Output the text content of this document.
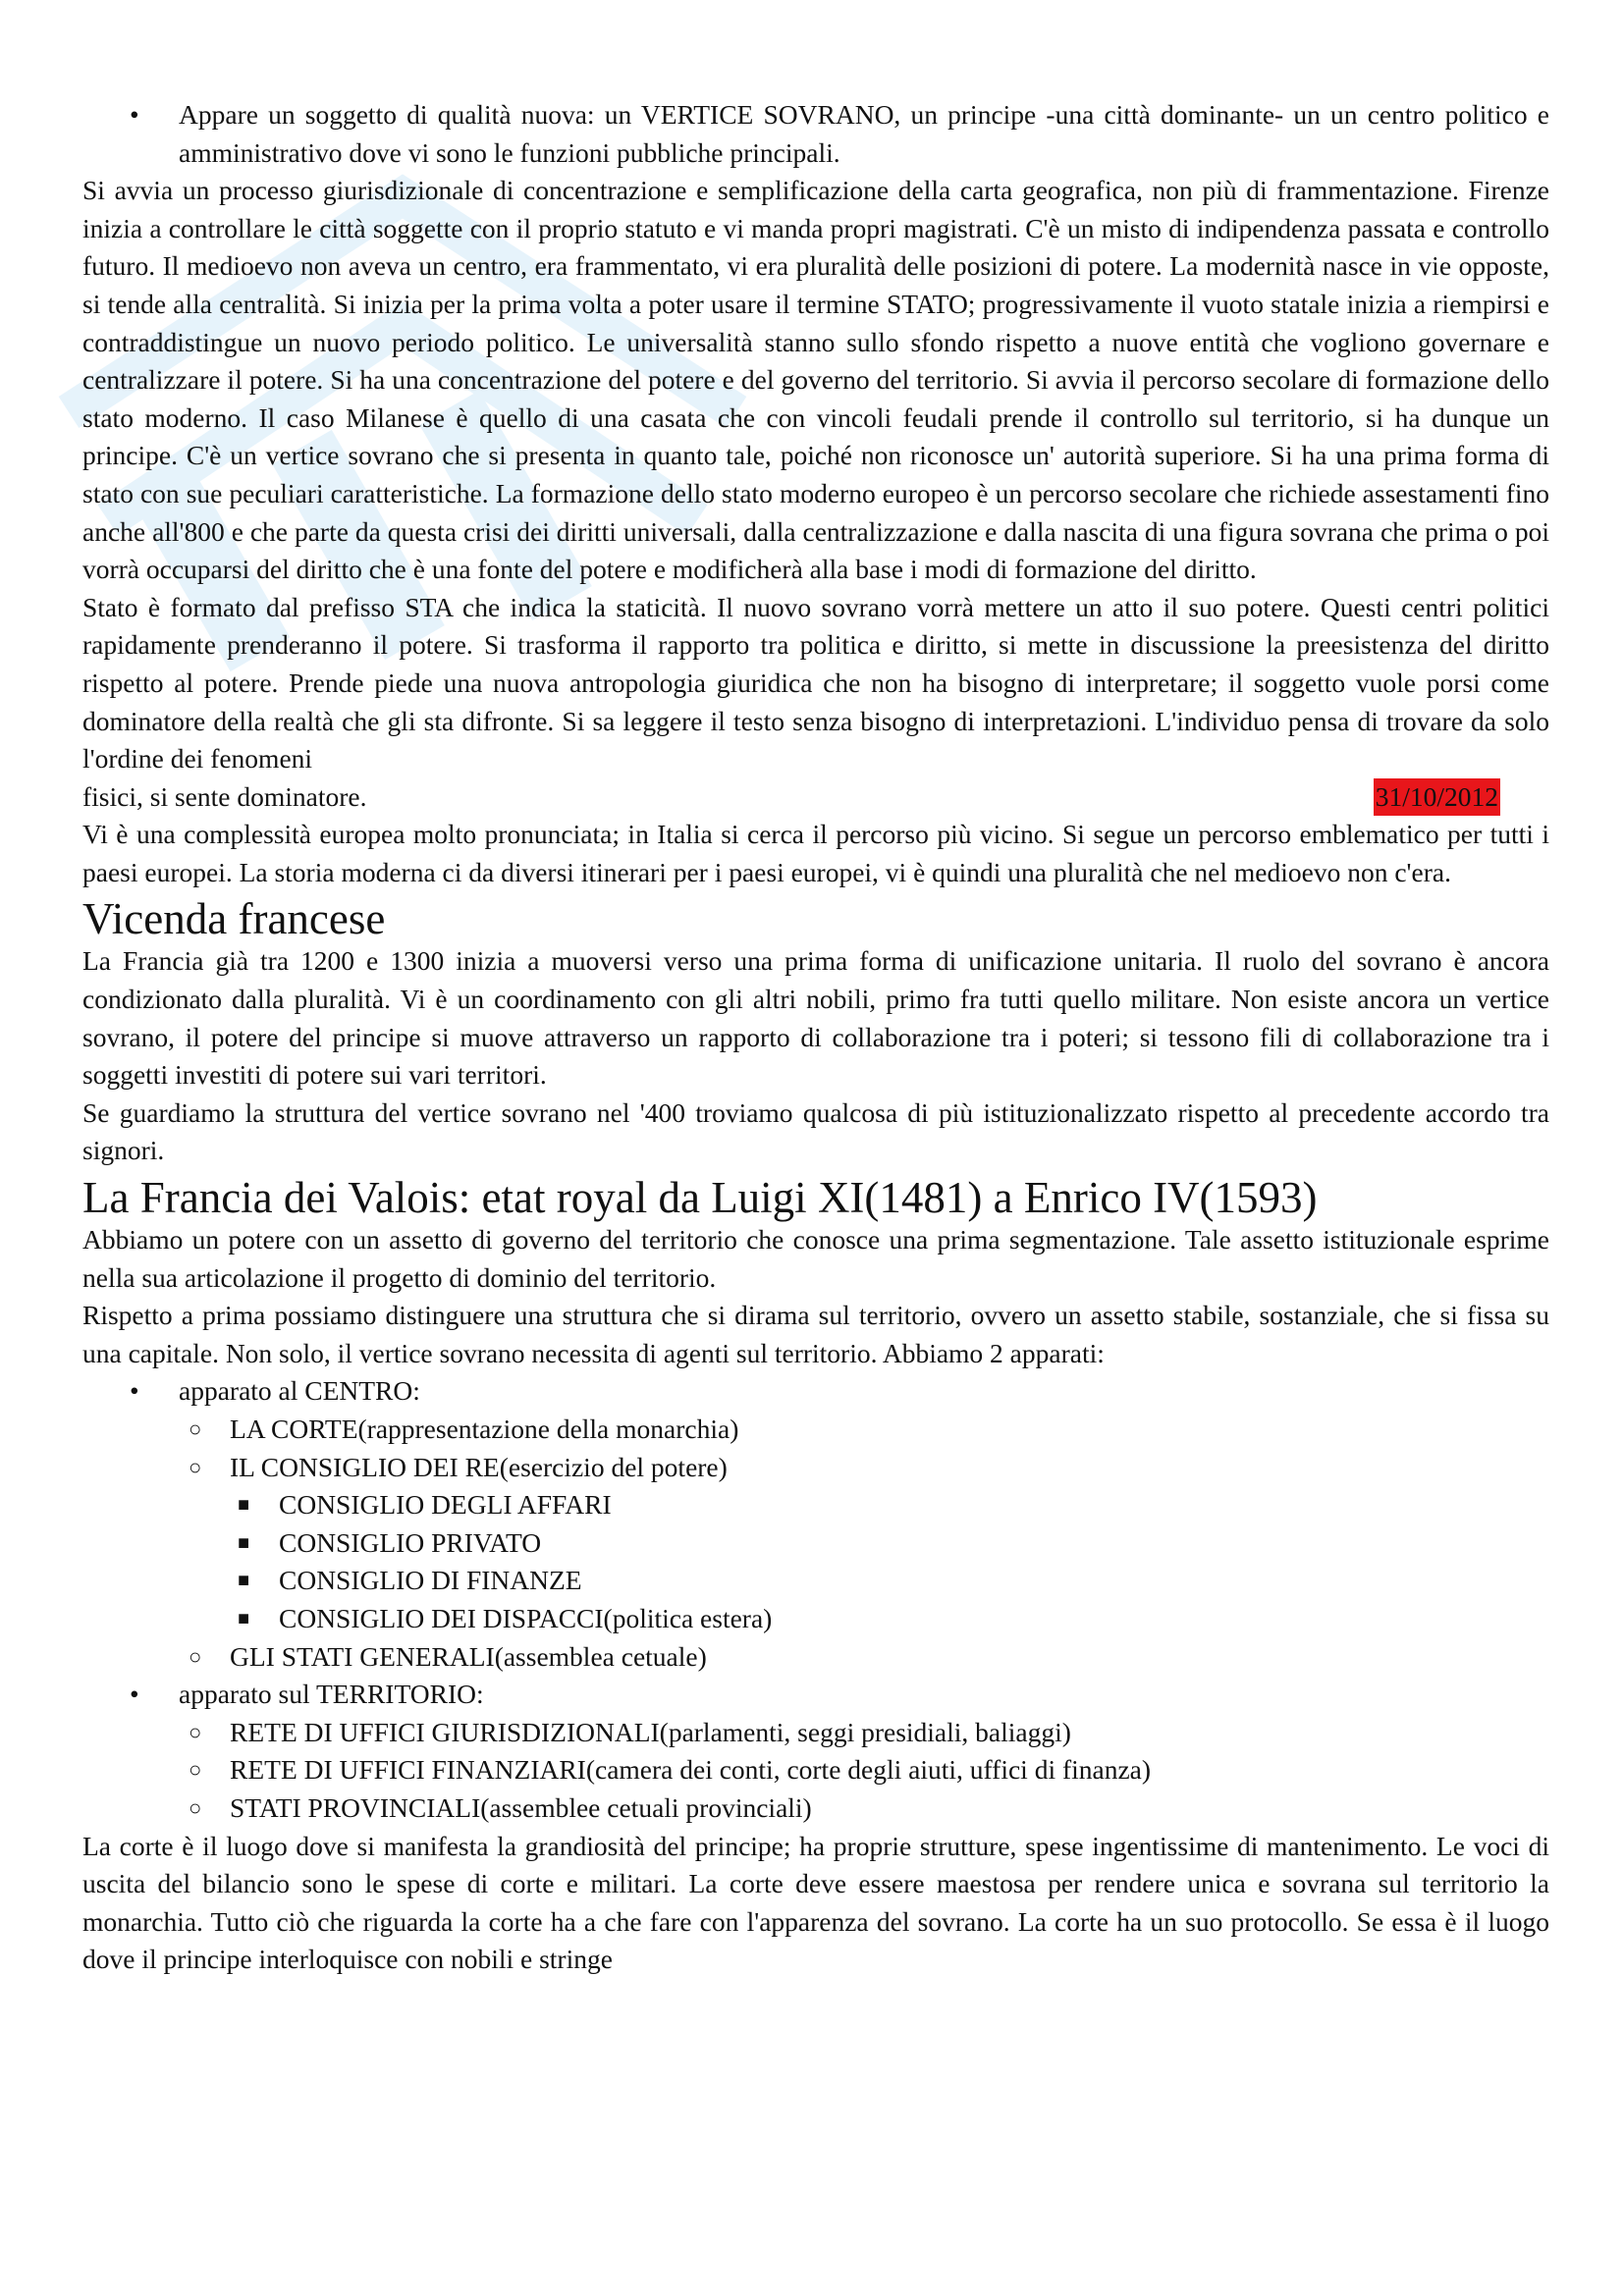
• Appare un soggetto di qualità nuova: un VERTICE SOVRANO, un principe -una città dominante- un un centro politico e amministrativo dove vi sono le funzioni pubbliche principali.

Si avvia un processo giurisdizionale di concentrazione e semplificazione della carta geografica, non più di frammentazione. Firenze inizia a controllare le città soggette con il proprio statuto e vi manda propri magistrati. C'è un misto di indipendenza passata e controllo futuro. Il medioevo non aveva un centro, era frammentato, vi era pluralità delle posizioni di potere. La modernità nasce in vie opposte, si tende alla centralità. Si inizia per la prima volta a poter usare il termine STATO; progressivamente il vuoto statale inizia a riempirsi e contraddistingue un nuovo periodo politico. Le universalità stanno sullo sfondo rispetto a nuove entità che vogliono governare e centralizzare il potere. Si ha una concentrazione del potere e del governo del territorio. Si avvia il percorso secolare di formazione dello stato moderno. Il caso Milanese è quello di una casata che con vincoli feudali prende il controllo sul territorio, si ha dunque un principe. C'è un vertice sovrano che si presenta in quanto tale, poiché non riconosce un' autorità superiore. Si ha una prima forma di stato con sue peculiari caratteristiche. La formazione dello stato moderno europeo è un percorso secolare che richiede assestamenti fino anche all'800 e che parte da questa crisi dei diritti universali, dalla centralizzazione e dalla nascita di una figura sovrana che prima o poi vorrà occuparsi del diritto che è una fonte del potere e modificherà alla base i modi di formazione del diritto.

Stato è formato dal prefisso STA che indica la staticità. Il nuovo sovrano vorrà mettere un atto il suo potere. Questi centri politici rapidamente prenderanno il potere. Si trasforma il rapporto tra politica e diritto, si mette in discussione la preesistenza del diritto rispetto al potere. Prende piede una nuova antropologia giuridica che non ha bisogno di interpretare; il soggetto vuole porsi come dominatore della realtà che gli sta difronte. Si sa leggere il testo senza bisogno di interpretazioni. L'individuo pensa di trovare da solo l'ordine dei fenomeni

fisici, si sente dominatore.	31/10/2012

Vi è una complessità europea molto pronunciata; in Italia si cerca il percorso più vicino. Si segue un percorso emblematico per tutti i paesi europei. La storia moderna ci da diversi itinerari per i paesi europei, vi è quindi una pluralità che nel medioevo non c'era.

Vicenda francese

La Francia già tra 1200 e 1300 inizia a muoversi verso una prima forma di unificazione unitaria. Il ruolo del sovrano è ancora condizionato dalla pluralità. Vi è un coordinamento con gli altri nobili, primo fra tutti quello militare. Non esiste ancora un vertice sovrano, il potere del principe si muove attraverso un rapporto di collaborazione tra i poteri; si tessono fili di collaborazione tra i soggetti investiti di potere sui vari territori.

Se guardiamo la struttura del vertice sovrano nel '400 troviamo qualcosa di più istituzionalizzato rispetto al precedente accordo tra signori.

La Francia dei Valois: etat royal da Luigi XI(1481) a Enrico IV(1593)

Abbiamo un potere con un assetto di governo del territorio che conosce una prima segmentazione. Tale assetto istituzionale esprime nella sua articolazione il progetto di dominio del territorio.

Rispetto a prima possiamo distinguere una struttura che si dirama sul territorio, ovvero un assetto stabile, sostanziale, che si fissa su una capitale. Non solo, il vertice sovrano necessita di agenti sul territorio. Abbiamo 2 apparati:

• apparato al CENTRO:
○ LA CORTE(rappresentazione della monarchia)
○ IL CONSIGLIO DEI RE(esercizio del potere)
■ CONSIGLIO DEGLI AFFARI
■ CONSIGLIO PRIVATO
■ CONSIGLIO DI FINANZE
■ CONSIGLIO DEI DISPACCI(politica estera)
○ GLI STATI GENERALI(assemblea cetuale)
• apparato sul TERRITORIO:
○ RETE DI UFFICI GIURISDIZIONALI(parlamenti, seggi presidiali, baliaggi)
○ RETE DI UFFICI FINANZIARI(camera dei conti, corte degli aiuti, uffici di finanza)
○ STATI PROVINCIALI(assemblee cetuali provinciali)

La corte è il luogo dove si manifesta la grandiosità del principe; ha proprie strutture, spese ingentissime di mantenimento. Le voci di uscita del bilancio sono le spese di corte e militari. La corte deve essere maestosa per rendere unica e sovrana sul territorio la monarchia. Tutto ciò che riguarda la corte ha a che fare con l'apparenza del sovrano. La corte ha un suo protocollo. Se essa è il luogo dove il principe interloquisce con nobili e stringe
